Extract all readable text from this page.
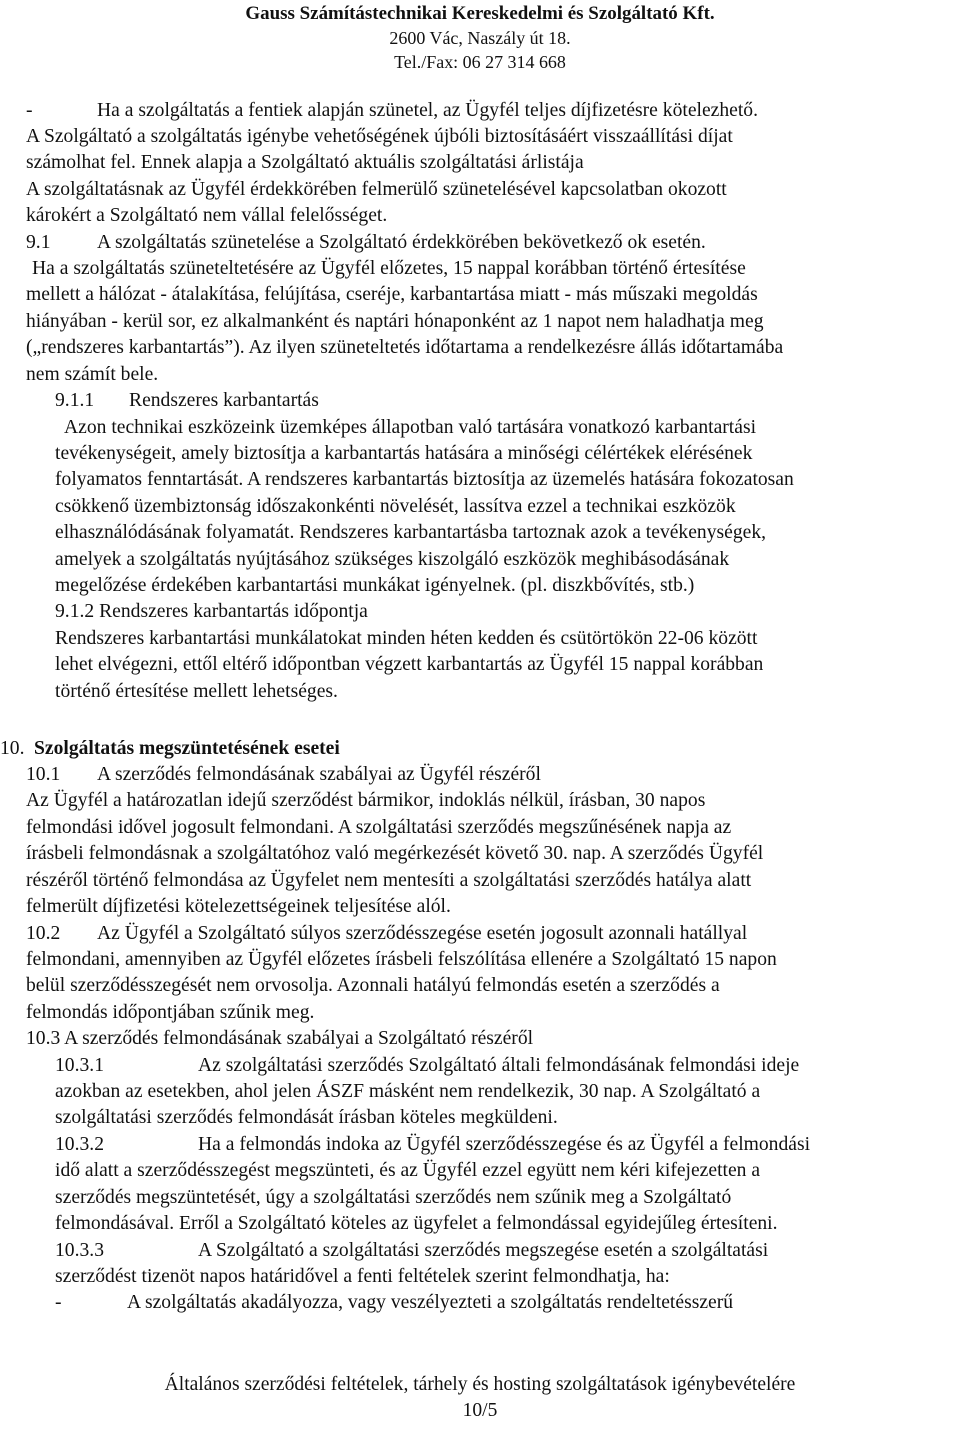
Gauss Számítástechnikai Kereskedelmi és Szolgáltató Kft.
2600 Vác, Naszály út 18.
Tel./Fax: 06 27 314 668
-	Ha a szolgáltatás a fentiek alapján szünetel, az Ügyfél teljes díjfizetésre kötelezhető.
A Szolgáltató a szolgáltatás igénybe vehetőségének újbóli biztosításáért visszaállítási díjat
számolhat fel. Ennek alapja a Szolgáltató aktuális szolgáltatási árlistája
A szolgáltatásnak az Ügyfél érdekkörében felmerülő szünetelésével kapcsolatban okozott
károkért a Szolgáltató nem vállal felelősséget.
9.1 A szolgáltatás szünetelése a Szolgáltató érdekkörében bekövetkező ok esetén.
Ha a szolgáltatás szüneteltetésére az Ügyfél előzetes, 15 nappal korábban történő értesítése
mellett a hálózat - átalakítása, felújítása, cseréje, karbantartása miatt - más műszaki megoldás
hiányában - kerül sor, ez alkalmanként és naptári hónaponként az 1 napot nem haladhatja meg
(„rendszeres karbantartás”). Az ilyen szüneteltetés időtartama a rendelkezésre állás időtartamába
nem számít bele.
9.1.1 Rendszeres karbantartás
Azon technikai eszközeink üzemképes állapotban való tartására vonatkozó karbantartási
tevékenységeit, amely biztosítja a karbantartás hatására a minőségi célértékek elérésének
folyamatos fenntartását. A rendszeres karbantartás biztosítja az üzemelés hatására fokozatosan
csökkenő üzembiztonság időszakonkénti növelését, lassítva ezzel a technikai eszközök
elhasználódásának folyamatát. Rendszeres karbantartásba tartoznak azok a tevékenységek,
amelyek a szolgáltatás nyújtásához szükséges kiszolgáló eszközök meghibásodásának
megelőzése érdekében karbantartási munkákat igényelnek. (pl. diszkbővítés, stb.)
9.1.2 Rendszeres karbantartás időpontja
Rendszeres karbantartási munkálatokat minden héten kedden és csütörtökön 22-06 között
lehet elvégezni, ettől eltérő időpontban végzett karbantartás az Ügyfél 15 nappal korábban
történő értesítése mellett lehetséges.
10. Szolgáltatás megszüntetésének esetei
10.1 A szerződés felmondásának szabályai az Ügyfél részéről
Az Ügyfél a határozatlan idejű szerződést bármikor, indoklás nélkül, írásban, 30 napos
felmondási idővel jogosult felmondani. A szolgáltatási szerződés megszűnésének napja az
írásbeli felmondásnak a szolgáltatóhoz való megérkezését követő 30. nap. A szerződés Ügyfél
részéről történő felmondása az Ügyfelet nem mentesíti a szolgáltatási szerződés hatálya alatt
felmerült díjfizetési kötelezettségeinek teljesítése alól.
10.2 Az Ügyfél a Szolgáltató súlyos szerződésszegése esetén jogosult azonnali hatállyal
felmondani, amennyiben az Ügyfél előzetes írásbeli felszólítása ellenére a Szolgáltató 15 napon
belül szerződésszegését nem orvosolja. Azonnali hatályú felmondás esetén a szerződés a
felmondás időpontjában szűnik meg.
10.3 A szerződés felmondásának szabályai a Szolgáltató részéről
10.3.1	Az szolgáltatási szerződés Szolgáltató általi felmondásának felmondási ideje
azokban az esetekben, ahol jelen ÁSZF másként nem rendelkezik, 30 nap. A Szolgáltató a
szolgáltatási szerződés felmondását írásban köteles megküldeni.
10.3.2	Ha a felmondás indoka az Ügyfél szerződésszegése és az Ügyfél a felmondási
idő alatt a szerződésszegést megszünteti, és az Ügyfél ezzel együtt nem kéri kifejezetten a
szerződés megszüntetését, úgy a szolgáltatási szerződés nem szűnik meg a Szolgáltató
felmondásával. Erről a Szolgáltató köteles az ügyfelet a felmondással egyidejűleg értesíteni.
10.3.3	A Szolgáltató a szolgáltatási szerződés megszegése esetén a szolgáltatási
szerződést tizenöt napos határidővel a fenti feltételek szerint felmondhatja, ha:
-	A szolgáltatás akadályozza, vagy veszélyezteti a szolgáltatás rendeltetésszerű
Általános szerződési feltételek, tárhely és hosting szolgáltatások igénybevételére
10/5
